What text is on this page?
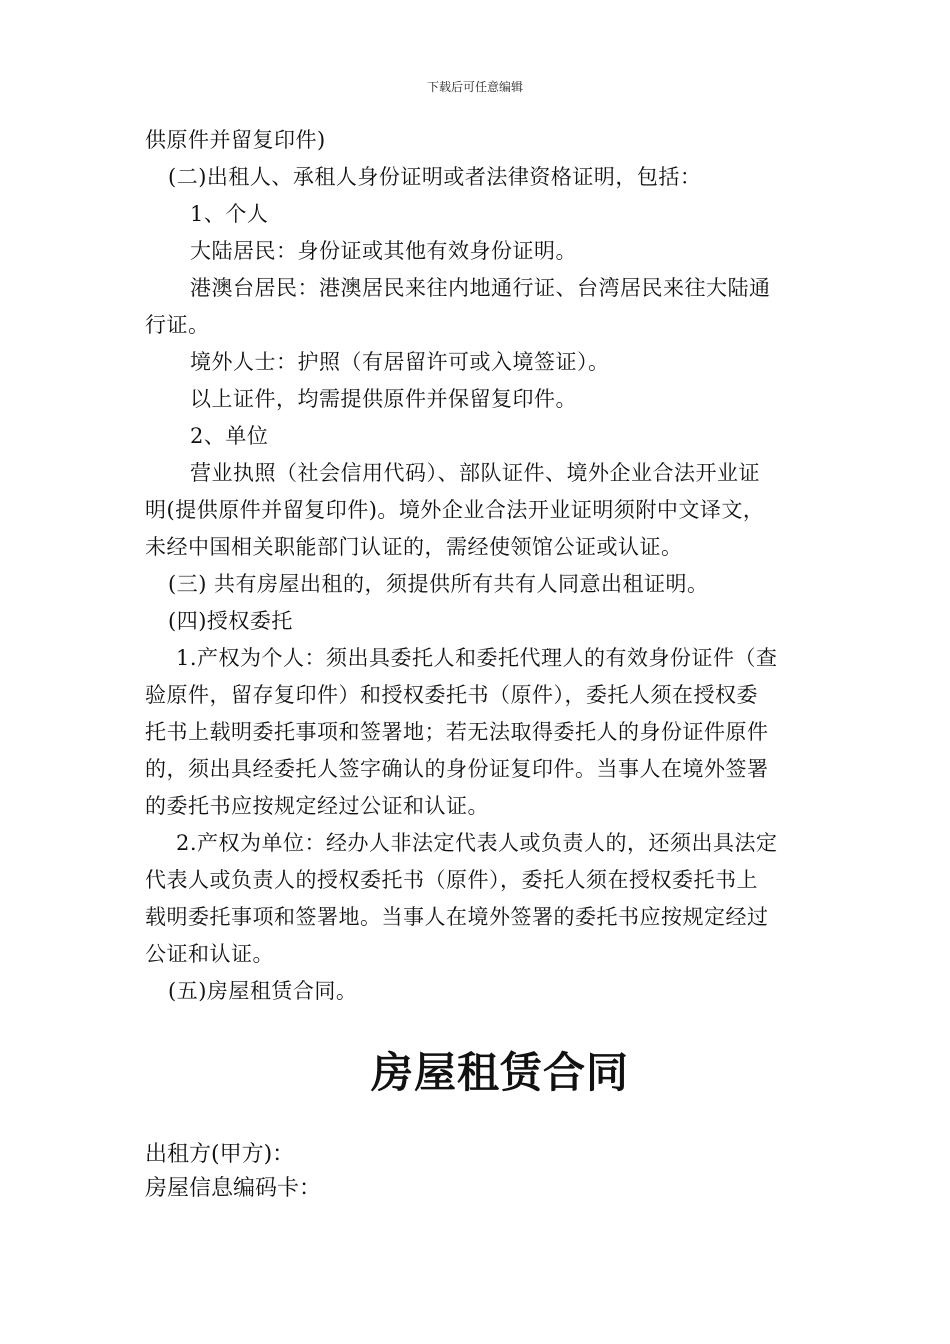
下载后可任意编辑
供原件并留复印件)
(二)出租人、承租人身份证明或者法律资格证明，包括：
1、个人
大陆居民：身份证或其他有效身份证明。
港澳台居民：港澳居民来往内地通行证、台湾居民来往大陆通
行证。
境外人士：护照（有居留许可或入境签证）。
以上证件，均需提供原件并保留复印件。
2、单位
营业执照（社会信用代码）、部队证件、境外企业合法开业证
明(提供原件并留复印件)。境外企业合法开业证明须附中文译文，
未经中国相关职能部门认证的，需经使领馆公证或认证。
(三) 共有房屋出租的，须提供所有共有人同意出租证明。
(四)授权委托
1.产权为个人：须出具委托人和委托代理人的有效身份证件（查
验原件，留存复印件）和授权委托书（原件），委托人须在授权委
托书上载明委托事项和签署地；若无法取得委托人的身份证件原件
的，须出具经委托人签字确认的身份证复印件。当事人在境外签署
的委托书应按规定经过公证和认证。
2.产权为单位：经办人非法定代表人或负责人的，还须出具法定
代表人或负责人的授权委托书（原件），委托人须在授权委托书上
载明委托事项和签署地。当事人在境外签署的委托书应按规定经过
公证和认证。
(五)房屋租赁合同。
房屋租赁合同
出租方(甲方)：
房屋信息编码卡：
